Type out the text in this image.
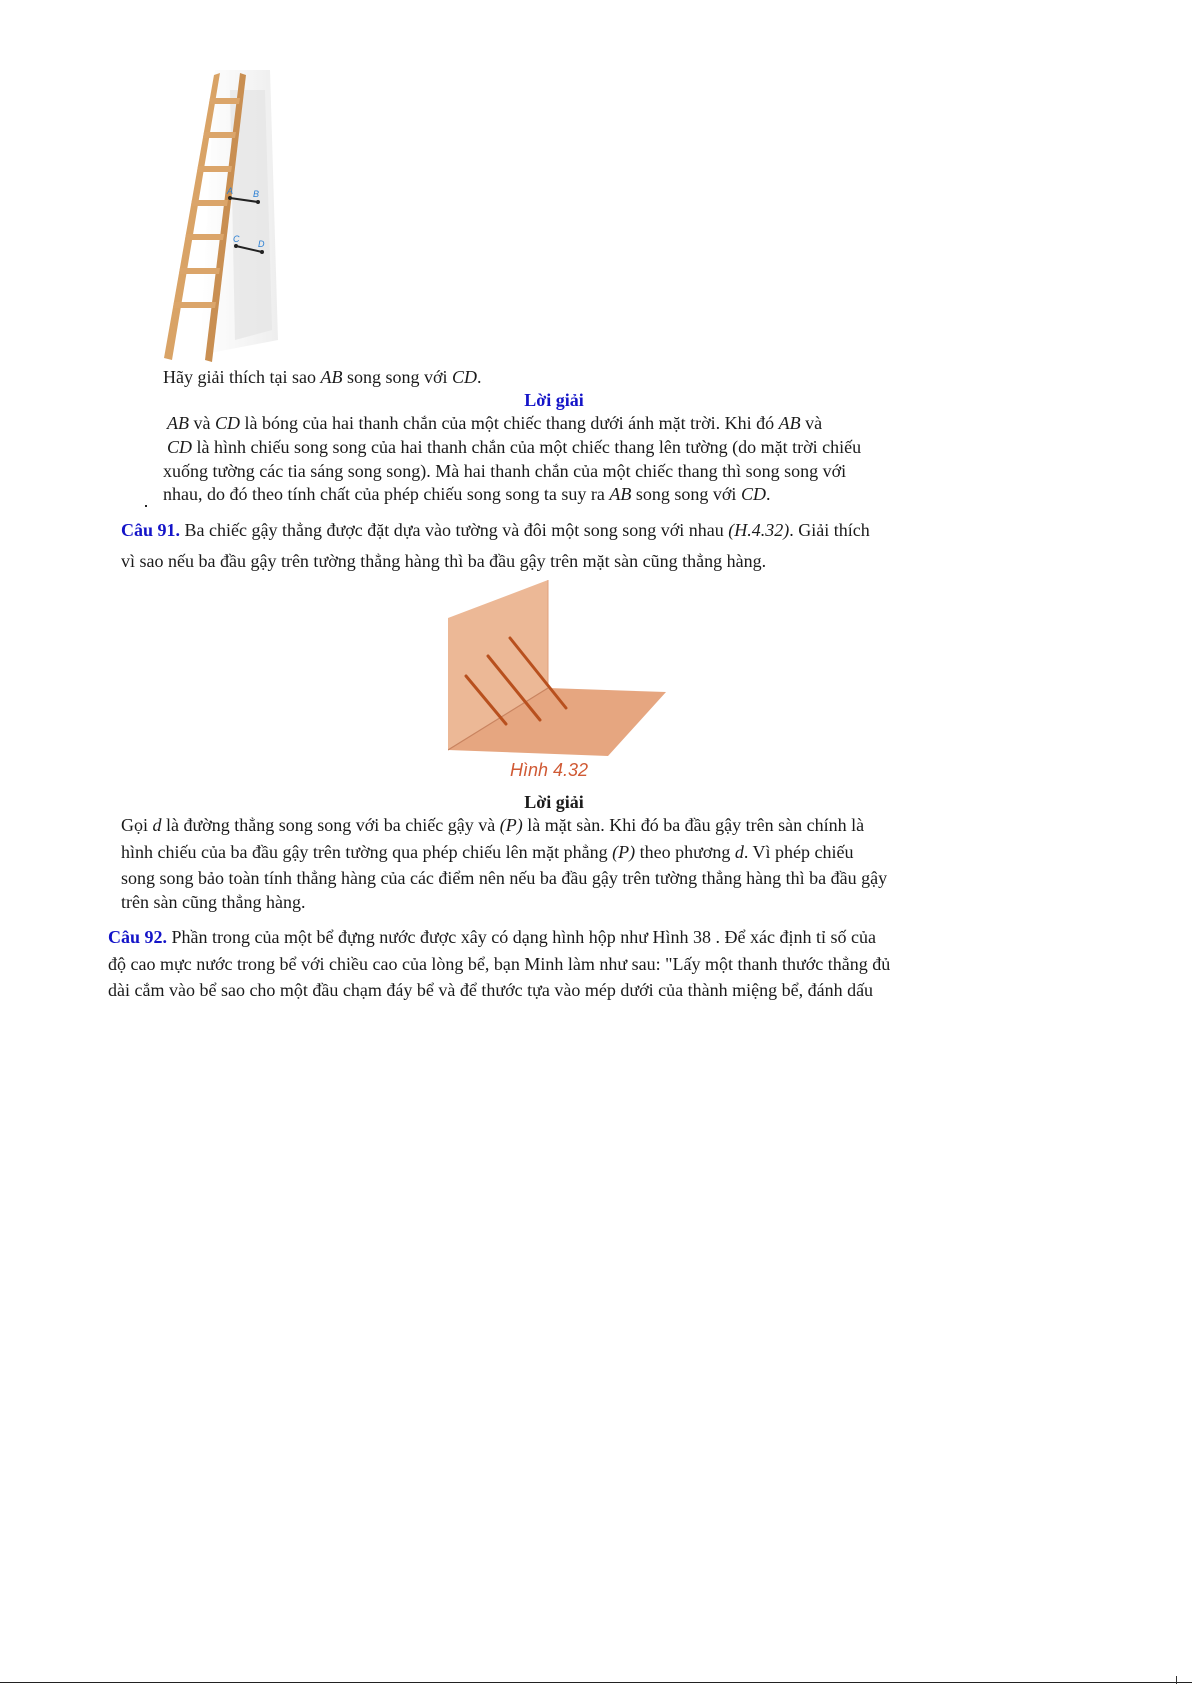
A B
C D
Hãy giải thích tại sao AB song song với CD.
Lời giải
AB và CD là bóng của hai thanh chắn của một chiếc thang dưới ánh mặt trời. Khi đó AB và
CD là hình chiếu song song của hai thanh chắn của một chiếc thang lên tường (do mặt trời chiếu
xuống tường các tia sáng song song). Mà hai thanh chắn của một chiếc thang thì song song với
nhau, do đó theo tính chất của phép chiếu song song ta suy ra AB song song với CD.
Câu 91. Ba chiếc gậy thẳng được đặt dựa vào tường và đôi một song song với nhau (H.4.32). Giải thích
vì sao nếu ba đầu gậy trên tường thẳng hàng thì ba đầu gậy trên mặt sàn cũng thẳng hàng.
Hình 4.32
Lời giải
Gọi d là đường thẳng song song với ba chiếc gậy và (P) là mặt sàn. Khi đó ba đầu gậy trên sàn chính là
hình chiếu của ba đầu gậy trên tường qua phép chiếu lên mặt phẳng (P) theo phương d. Vì phép chiếu
song song bảo toàn tính thẳng hàng của các điểm nên nếu ba đầu gậy trên tường thẳng hàng thì ba đầu gậy
trên sàn cũng thẳng hàng.
Câu 92. Phần trong của một bể đựng nước được xây có dạng hình hộp như Hình 38 . Để xác định tỉ số của
độ cao mực nước trong bể với chiều cao của lòng bể, bạn Minh làm như sau: "Lấy một thanh thước thẳng đủ
dài cắm vào bể sao cho một đầu chạm đáy bể và để thước tựa vào mép dưới của thành miệng bể, đánh dấu
